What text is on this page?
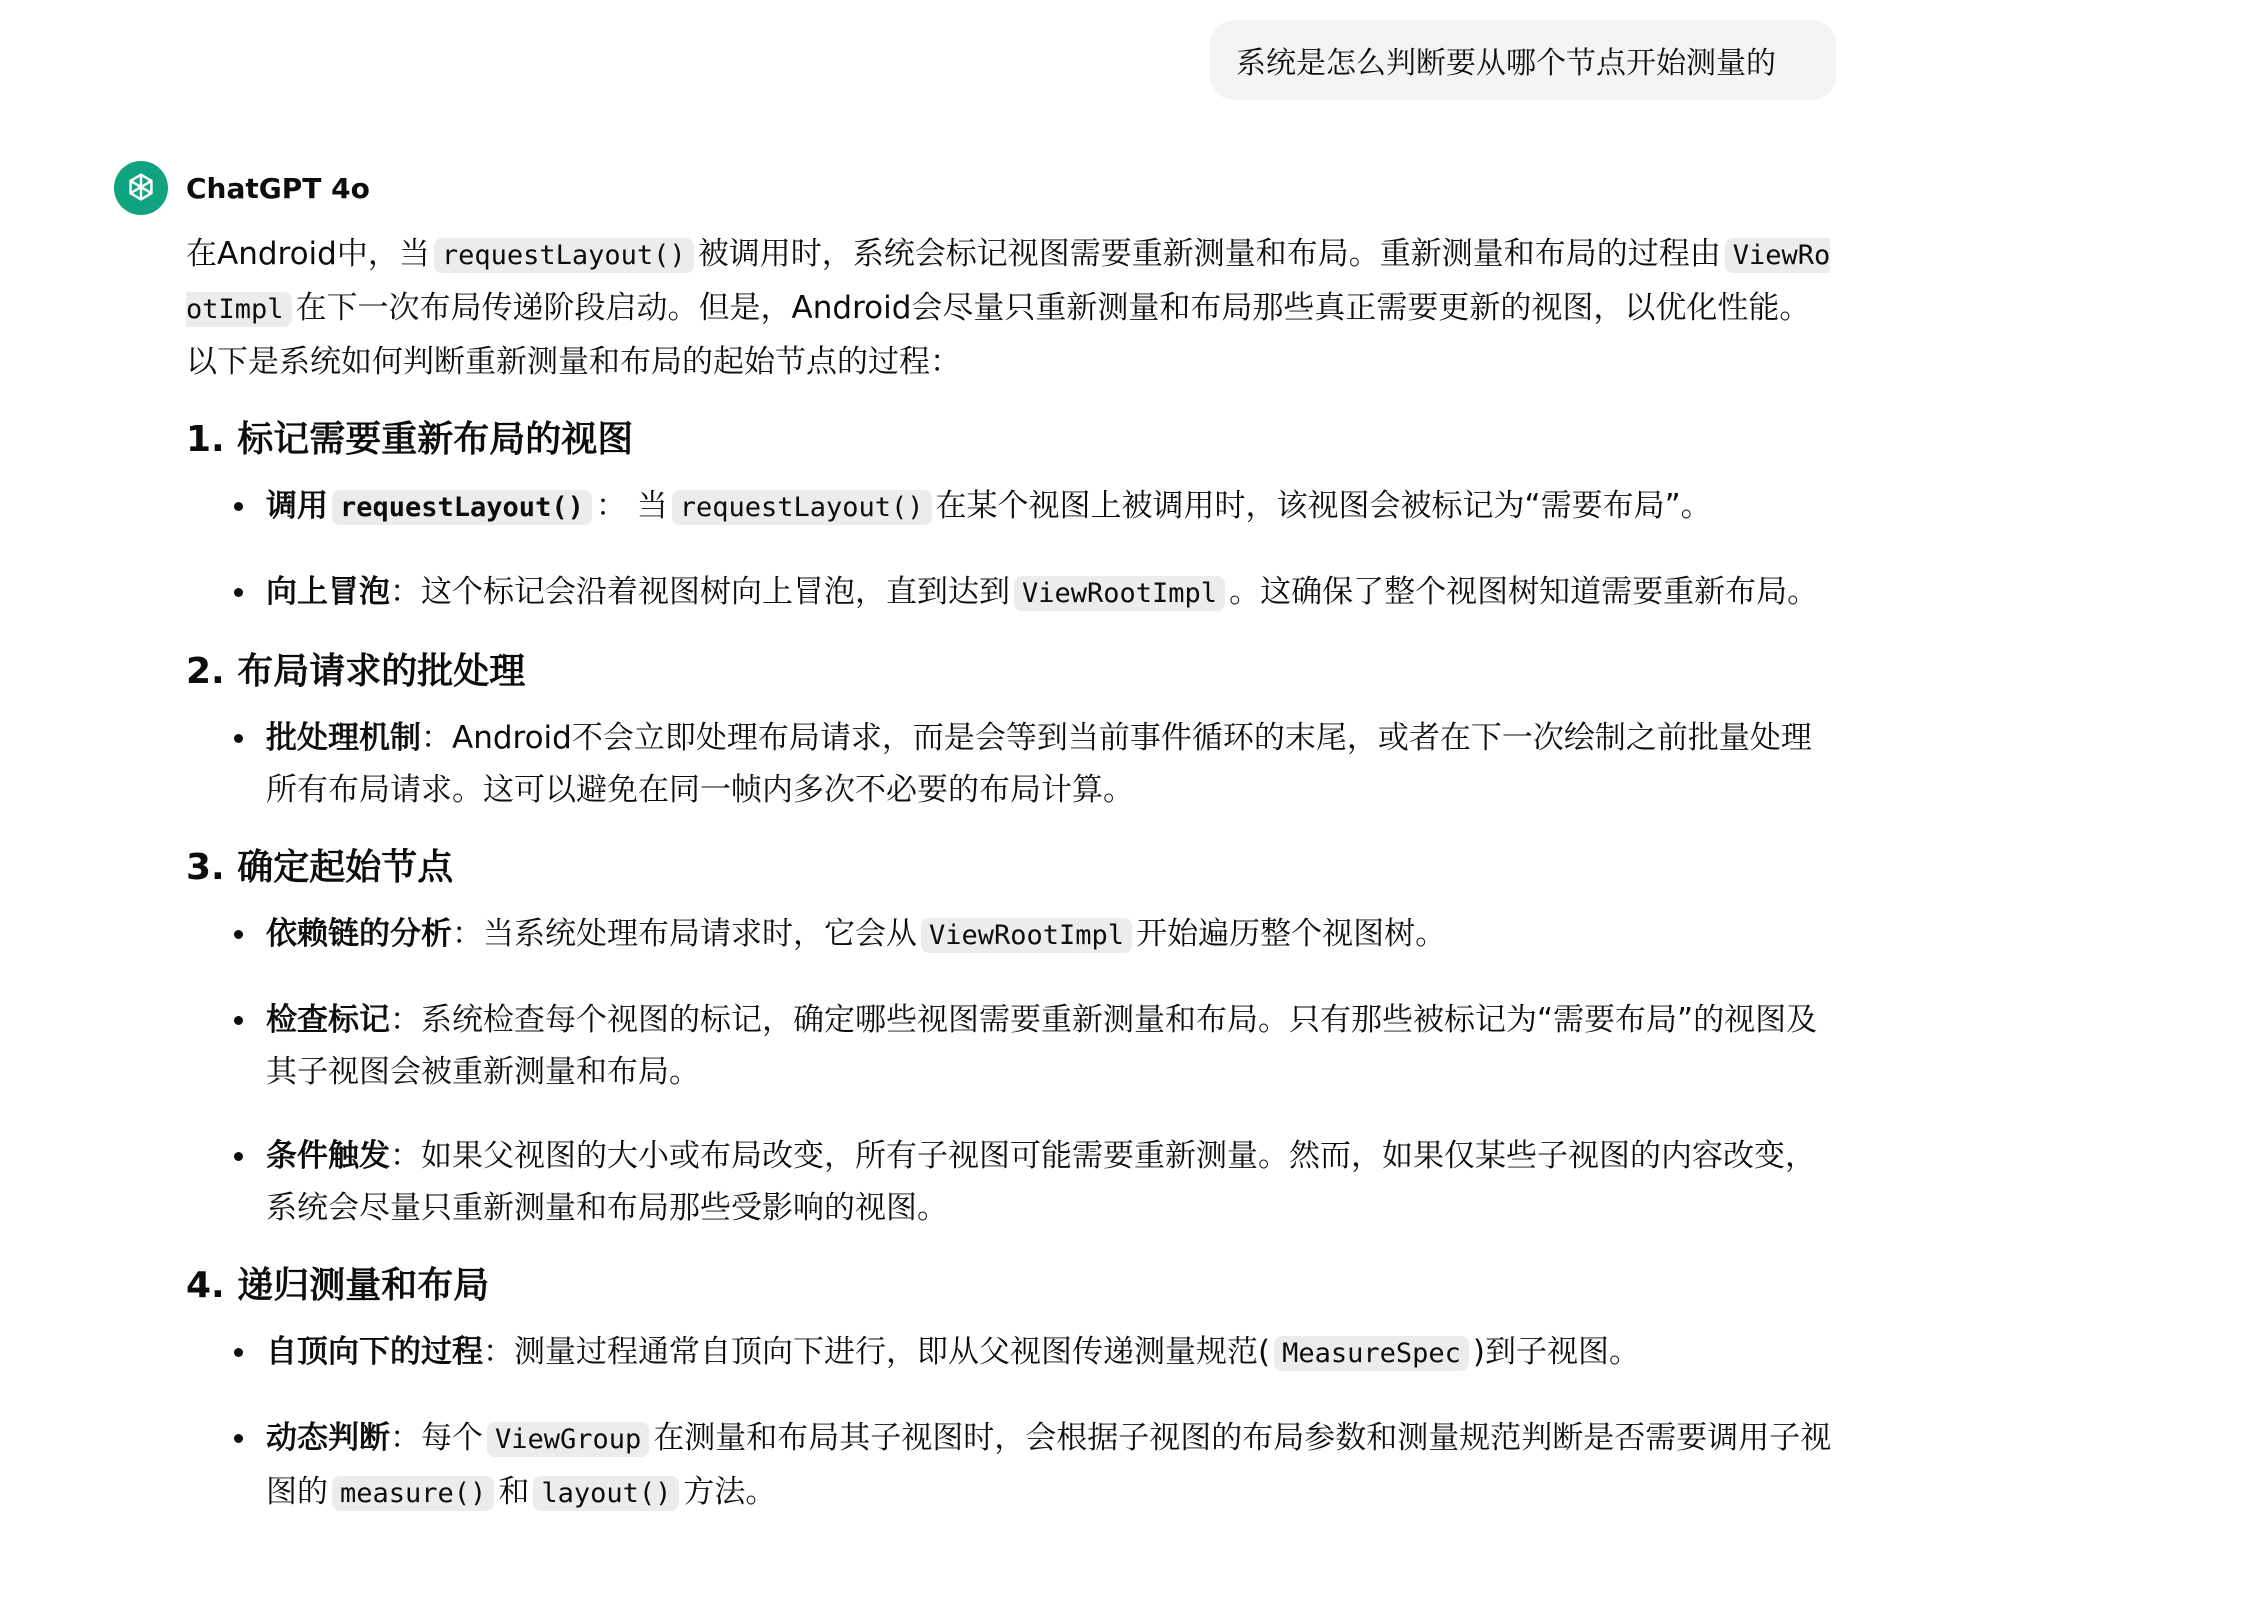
系统是怎么判断要从哪个节点开始测量的
ChatGPT 4o

在Android中，当 requestLayout() 被调用时，系统会标记视图需要重新测量和布局。重新测量和布局的过程由 ViewRootImpl 在下一次布局传递阶段启动。但是，Android会尽量只重新测量和布局那些真正需要更新的视图，以优化性能。以下是系统如何判断重新测量和布局的起始节点的过程：

1. 标记需要重新布局的视图
调用 requestLayout() ： 当 requestLayout() 在某个视图上被调用时，该视图会被标记为“需要布局”。
向上冒泡：这个标记会沿着视图树向上冒泡，直到达到 ViewRootImpl 。这确保了整个视图树知道需要重新布局。
2. 布局请求的批处理
批处理机制：Android不会立即处理布局请求，而是会等到当前事件循环的末尾，或者在下一次绘制之前批量处理所有布局请求。这可以避免在同一帧内多次不必要的布局计算。
3. 确定起始节点
依赖链的分析：当系统处理布局请求时，它会从 ViewRootImpl 开始遍历整个视图树。
检查标记：系统检查每个视图的标记，确定哪些视图需要重新测量和布局。只有那些被标记为“需要布局”的视图及其子视图会被重新测量和布局。
条件触发：如果父视图的大小或布局改变，所有子视图可能需要重新测量。然而，如果仅某些子视图的内容改变，系统会尽量只重新测量和布局那些受影响的视图。
4. 递归测量和布局
自顶向下的过程：测量过程通常自顶向下进行，即从父视图传递测量规范( MeasureSpec )到子视图。
动态判断：每个 ViewGroup 在测量和布局其子视图时，会根据子视图的布局参数和测量规范判断是否需要调用子视图的 measure() 和 layout() 方法。
